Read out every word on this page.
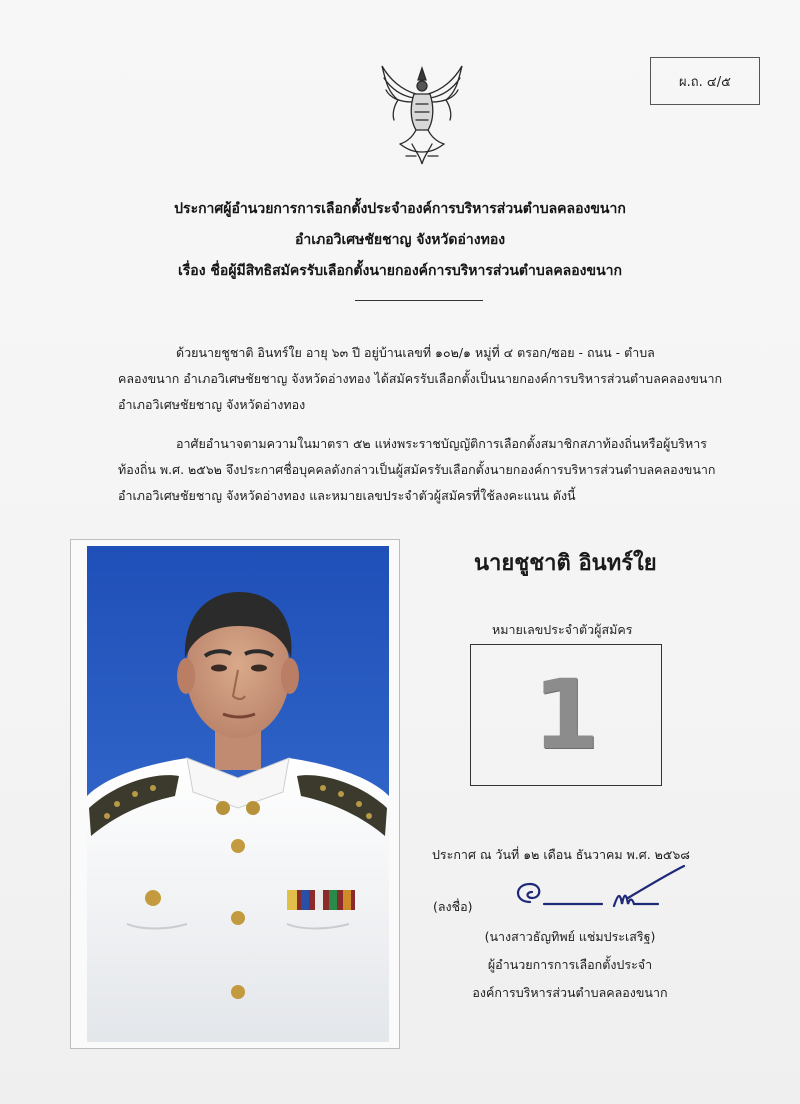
ผ.ถ. ๔/๕
ประกาศผู้อำนวยการการเลือกตั้งประจำองค์การบริหารส่วนตำบลคลองขนาก
อำเภอวิเศษชัยชาญ จังหวัดอ่างทอง
เรื่อง ชื่อผู้มีสิทธิสมัครรับเลือกตั้งนายกองค์การบริหารส่วนตำบลคลองขนาก
ด้วยนายชูชาติ อินทร์ใย อายุ ๖๓ ปี อยู่บ้านเลขที่ ๑๐๒/๑ หมู่ที่ ๔ ตรอก/ซอย - ถนน - ตำบล
คลองขนาก อำเภอวิเศษชัยชาญ จังหวัดอ่างทอง ได้สมัครรับเลือกตั้งเป็นนายกองค์การบริหารส่วนตำบลคลองขนาก
อำเภอวิเศษชัยชาญ จังหวัดอ่างทอง
อาศัยอำนาจตามความในมาตรา ๕๒ แห่งพระราชบัญญัติการเลือกตั้งสมาชิกสภาท้องถิ่นหรือผู้บริหาร
ท้องถิ่น พ.ศ. ๒๕๖๒ จึงประกาศชื่อบุคคลดังกล่าวเป็นผู้สมัครรับเลือกตั้งนายกองค์การบริหารส่วนตำบลคลองขนาก
อำเภอวิเศษชัยชาญ จังหวัดอ่างทอง และหมายเลขประจำตัวผู้สมัครที่ใช้ลงคะแนน ดังนี้
นายชูชาติ อินทร์ใย
หมายเลขประจำตัวผู้สมัคร
1
ประกาศ ณ วันที่ ๑๒ เดือน ธันวาคม พ.ศ. ๒๕๖๘
(ลงชื่อ)
(นางสาวธัญทิพย์ แช่มประเสริฐ)
ผู้อำนวยการการเลือกตั้งประจำ
องค์การบริหารส่วนตำบลคลองขนาก
